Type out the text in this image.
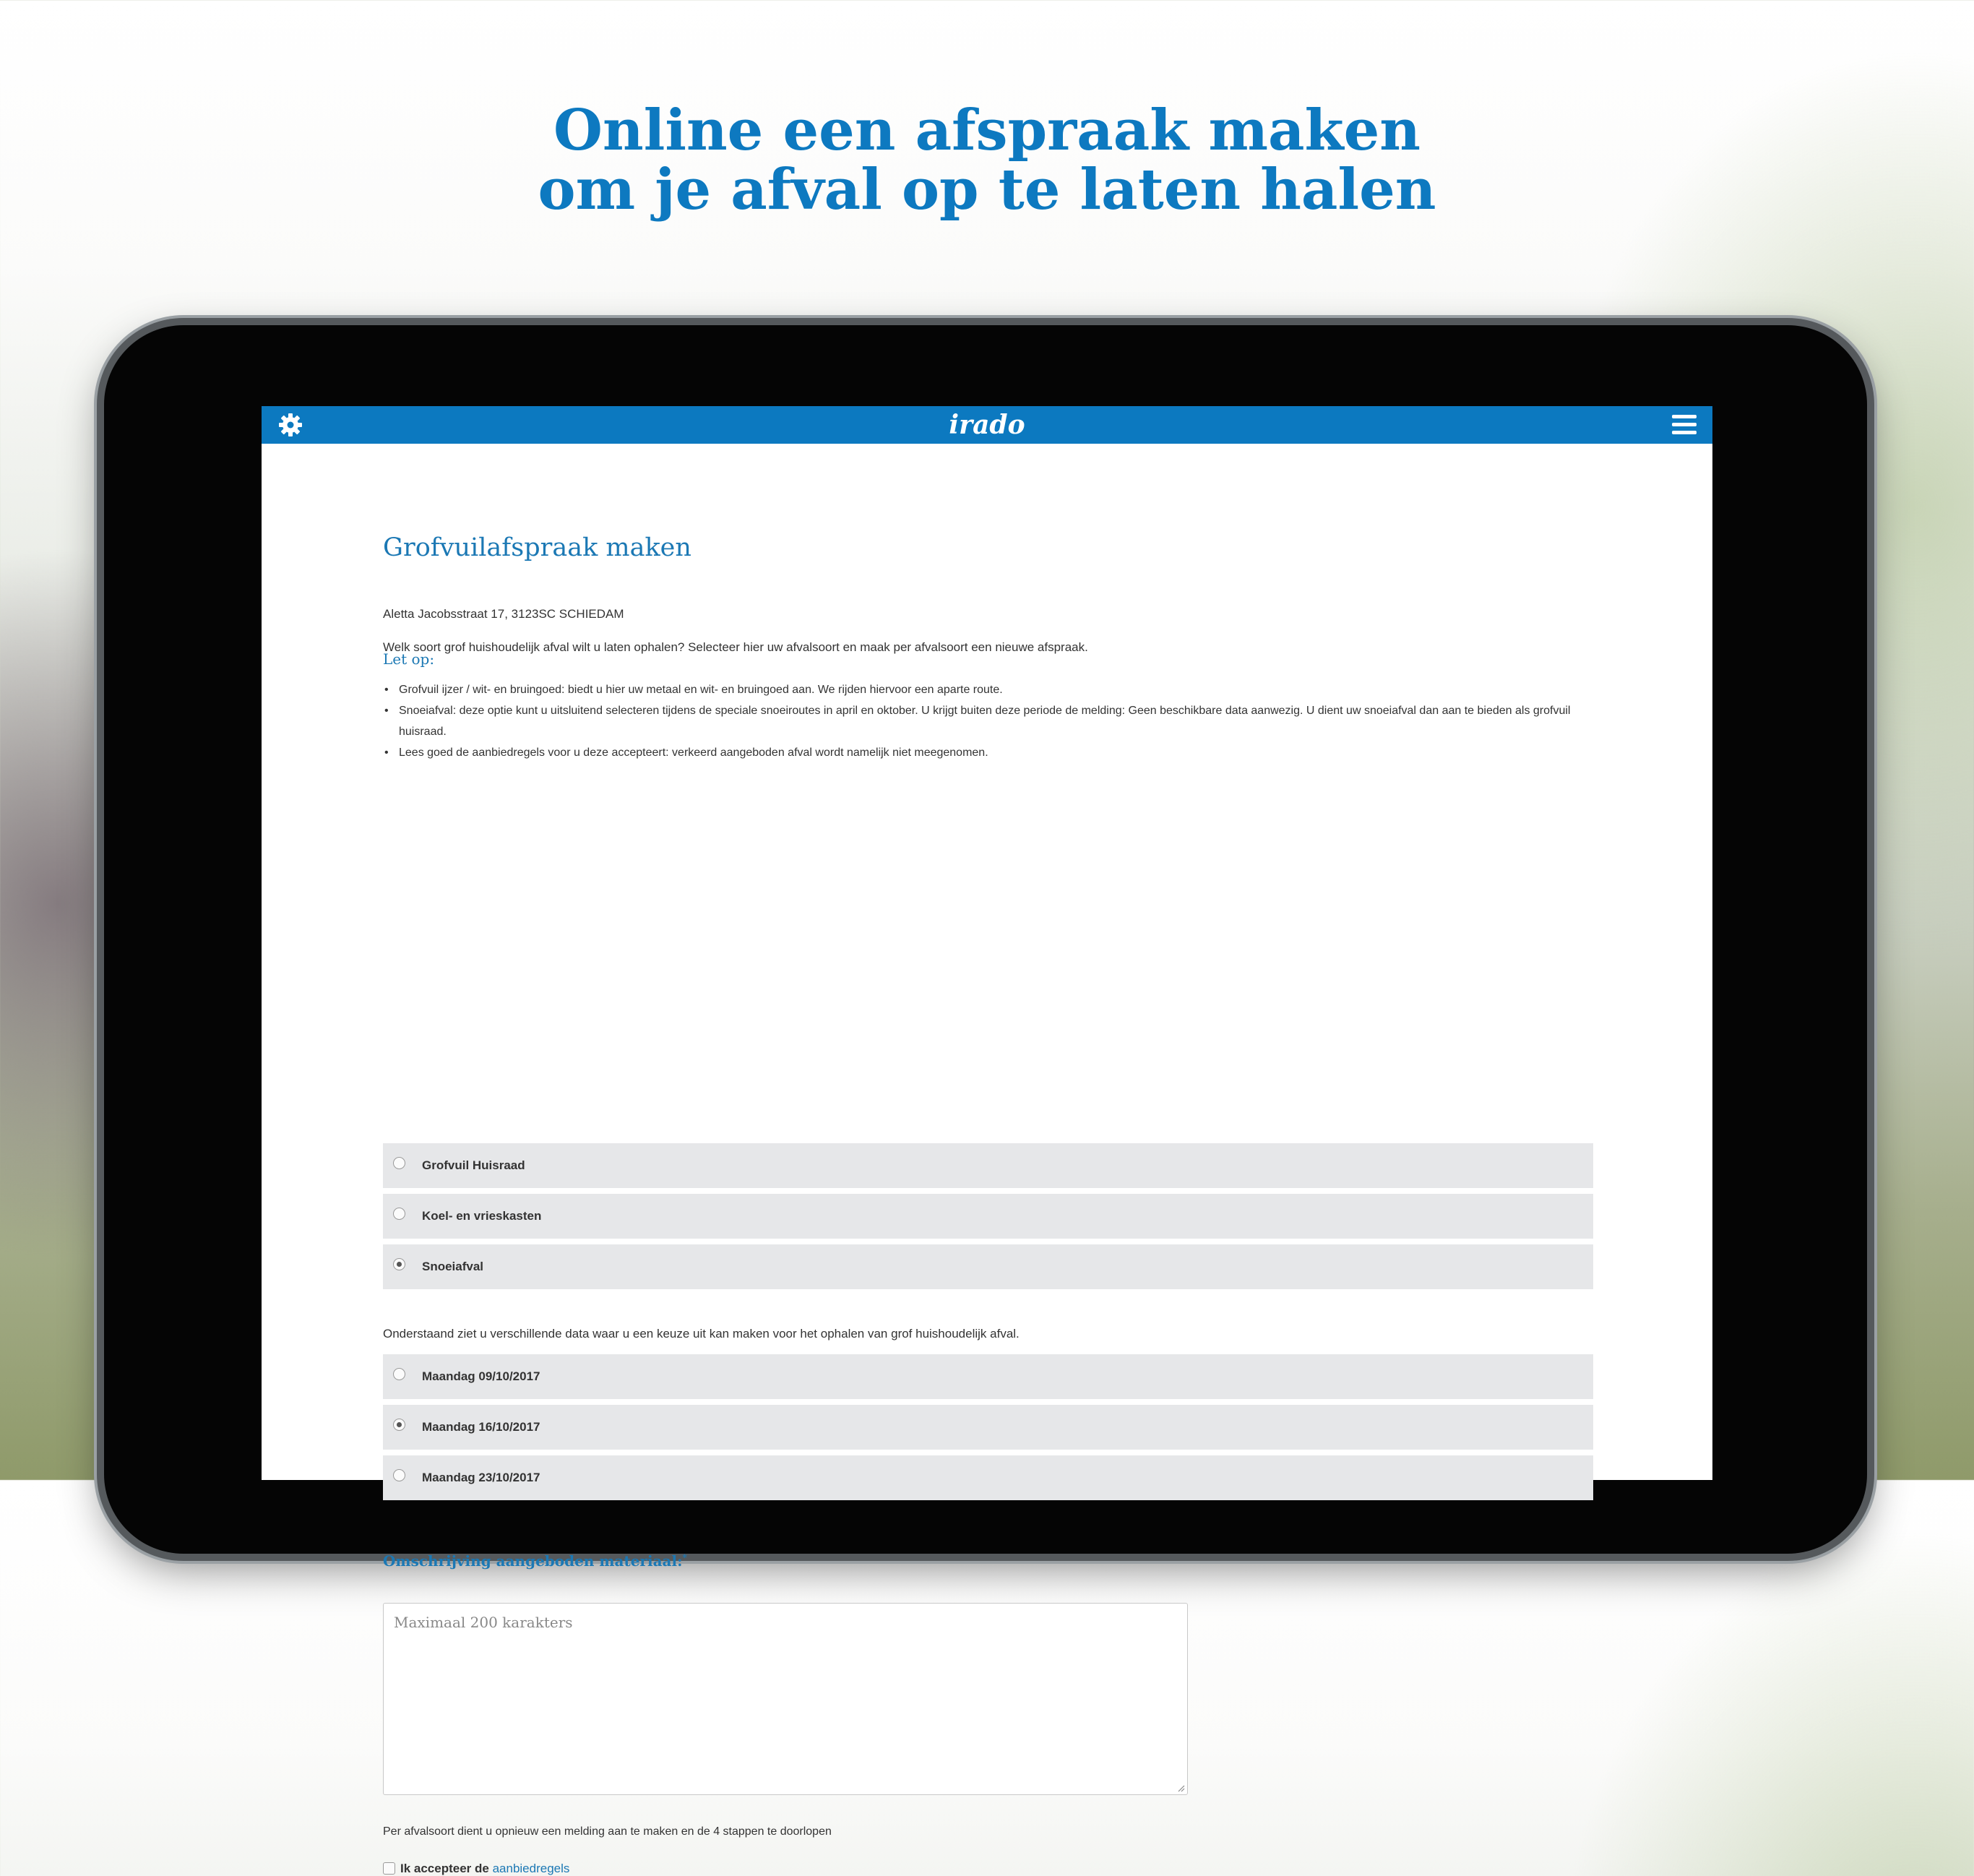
Online een afspraak maken
om je afval op te laten halen
irado
Grofvuilafspraak maken
Aletta Jacobsstraat 17, 3123SC SCHIEDAM
Welk soort grof huishoudelijk afval wilt u laten ophalen? Selecteer hier uw afvalsoort en maak per afvalsoort een nieuwe afspraak.
Let op:
• Grofvuil ijzer / wit- en bruingoed: biedt u hier uw metaal en wit- en bruingoed aan. We rijden hiervoor een aparte route.
• Snoeiafval: deze optie kunt u uitsluitend selecteren tijdens de speciale snoeiroutes in april en oktober. U krijgt buiten deze periode de melding: Geen beschikbare data aanwezig. U dient uw snoeiafval dan aan te bieden als grofvuil huisraad.
• Lees goed de aanbiedregels voor u deze accepteert: verkeerd aangeboden afval wordt namelijk niet meegenomen.
Grofvuil Huisraad
Koel- en vrieskasten
Snoeiafval
Onderstaand ziet u verschillende data waar u een keuze uit kan maken voor het ophalen van grof huishoudelijk afval.
Maandag 09/10/2017
Maandag 16/10/2017
Maandag 23/10/2017
Omschrijving aangeboden materiaal:*
Maximaal 200 karakters
Per afvalsoort dient u opnieuw een melding aan te maken en de 4 stappen te doorlopen
Ik accepteer de aanbiedregels
